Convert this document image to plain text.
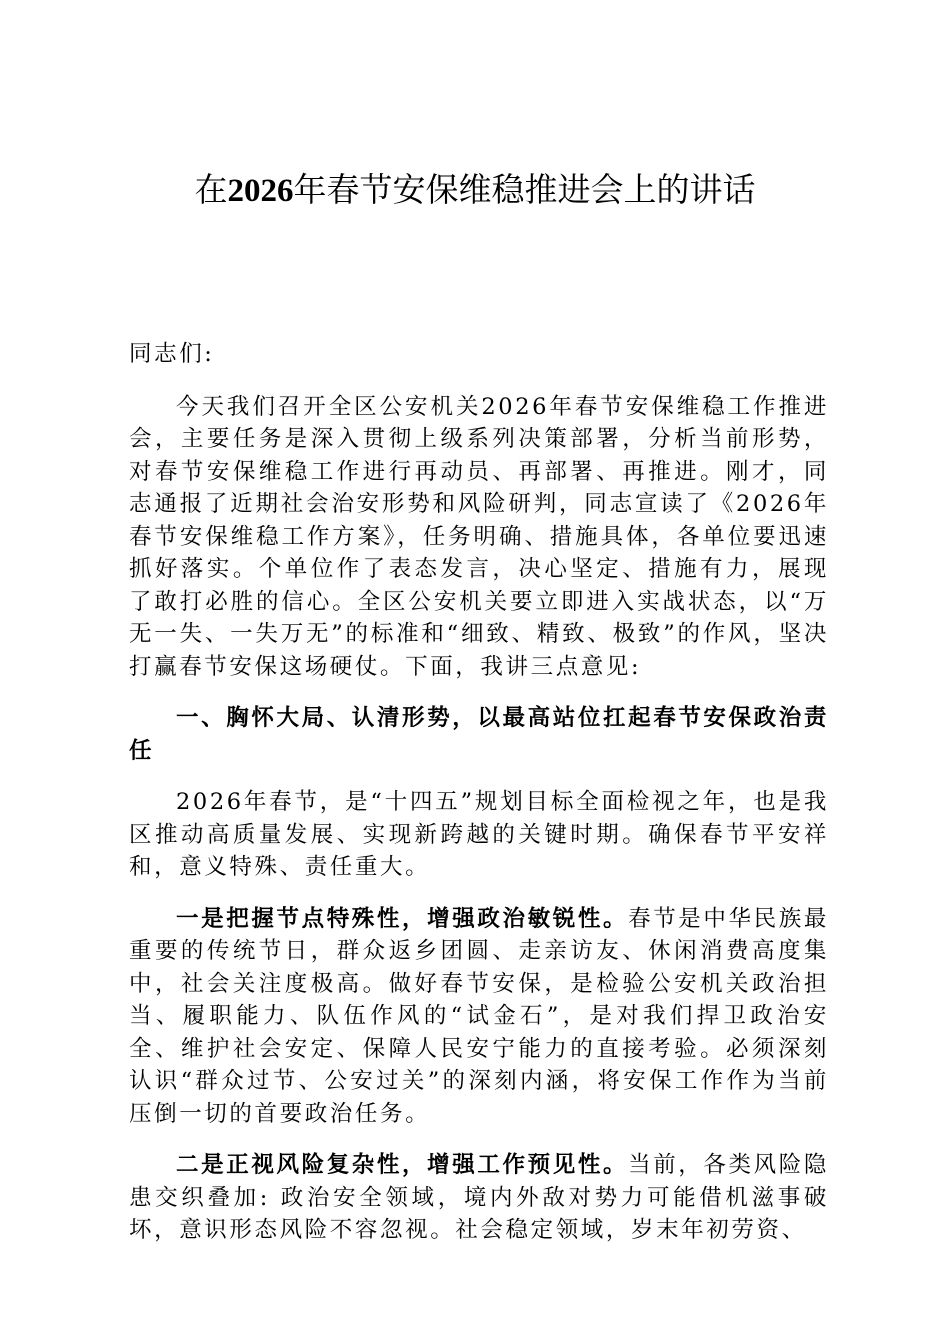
在2026年春节安保维稳推进会上的讲话

同志们:

今天我们召开全区公安机关2026年春节安保维稳工作推进会，主要任务是深入贯彻上级系列决策部署，分析当前形势，对春节安保维稳工作进行再动员、再部署、再推进。刚才，同志通报了近期社会治安形势和风险研判，同志宣读了《2026年春节安保维稳工作方案》，任务明确、措施具体，各单位要迅速抓好落实。个单位作了表态发言，决心坚定、措施有力，展现了敢打必胜的信心。全区公安机关要立即进入实战状态，以“万无一失、一失万无”的标准和“细致、精致、极致”的作风，坚决打赢春节安保这场硬仗。下面，我讲三点意见:

一、胸怀大局、认清形势，以最高站位扛起春节安保政治责任

2026年春节，是“十四五”规划目标全面检视之年，也是我区推动高质量发展、实现新跨越的关键时期。确保春节平安祥和，意义特殊、责任重大。

一是把握节点特殊性，增强政治敏锐性。春节是中华民族最重要的传统节日，群众返乡团圆、走亲访友、休闲消费高度集中，社会关注度极高。做好春节安保，是检验公安机关政治担当、履职能力、队伍作风的“试金石”，是对我们捍卫政治安全、维护社会安定、保障人民安宁能力的直接考验。必须深刻认识“群众过节、公安过关”的深刻内涵，将安保工作作为当前压倒一切的首要政治任务。

二是正视风险复杂性，增强工作预见性。当前，各类风险隐患交织叠加: 政治安全领域，境内外敌对势力可能借机滋事破坏，意识形态风险不容忽视。社会稳定领域，岁末年初劳资、
